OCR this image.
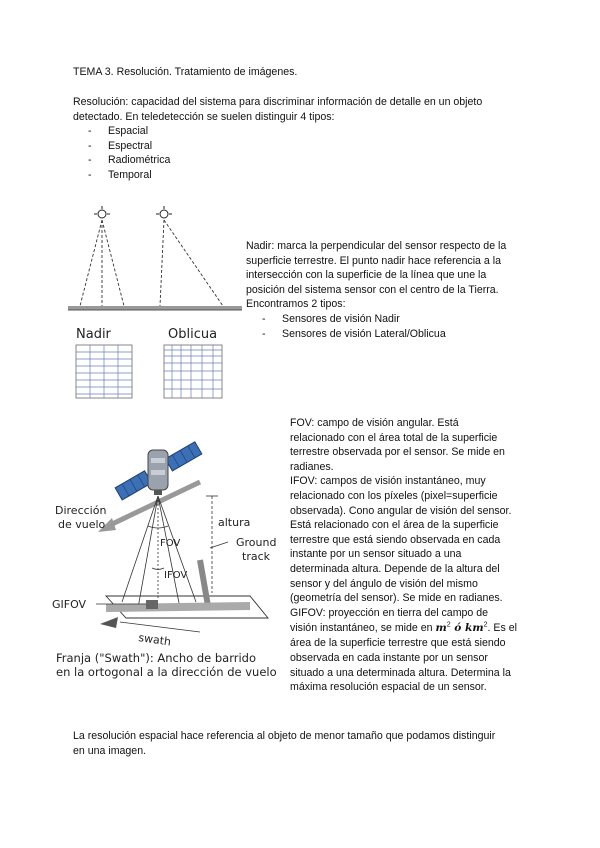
TEMA 3. Resolución. Tratamiento de imágenes.
Resolución: capacidad del sistema para discriminar información de detalle en un objeto
detectado. En teledetección se suelen distinguir 4 tipos:
- Espacial
- Espectral
- Radiométrica
- Temporal
Nadir	Oblicua
Nadir: marca la perpendicular del sensor respecto de la
superficie terrestre. El punto nadir hace referencia a la
intersección con la superficie de la línea que une la
posición del sistema sensor con el centro de la Tierra.
Encontramos 2 tipos:
- Sensores de visión Nadir
- Sensores de visión Lateral/Oblicua
Dirección
de vuelo	altura
FOV
IFOV
Ground
track
GIFOV
swath
Franja ("Swath"): Ancho de barrido
en la ortogonal a la dirección de vuelo

FOV: campo de visión angular. Está

relacionado con el área total de la superficie

terrestre observada por el sensor. Se mide en

radianes.

IFOV: campos de visión instantáneo, muy

relacionado con los píxeles (pixel=superficie

observada). Cono angular de visión del sensor.

Está relacionado con el área de la superficie

terrestre que está siendo observada en cada

instante por un sensor situado a una

determinada altura. Depende de la altura del

sensor y del ángulo de visión del mismo

(geometría del sensor). Se mide en radianes.

GIFOV: proyección en tierra del campo de

visión instantáneo, se mide en $m^2$ ó $km^2$. Es el

área de la superficie terrestre que está siendo

observada en cada instante por un sensor

situado a una determinada altura. Determina la

máxima resolución espacial de un sensor.

La resolución espacial hace referencia al objeto de menor tamaño que podamos distinguir
en una imagen.
